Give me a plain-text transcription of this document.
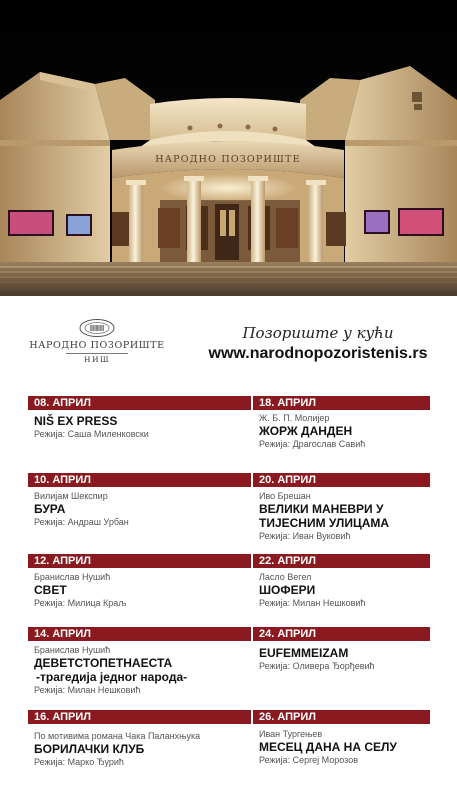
НАРОДНО ПОЗОРИШТЕ
НАРОДНО ПОЗОРИШТЕ
НИШ
Позориште у кући
www.narodnopozoristenis.rs
08. АПРИЛ	18. АПРИЛ
NIŠ EX PRESS
Режија: Саша Миленковски
Ж. Б. П. Молијер
ЖОРЖ ДАНДЕН
Режија: Драгослав Савић
10. АПРИЛ	20. АПРИЛ
Вилијам Шекспир
БУРА
Режија: Андраш Урбан
Иво Брешан
ВЕЛИКИ МАНЕВРИ У
ТИЈЕСНИМ УЛИЦАМА
Режија: Иван Вуковић
12. АПРИЛ	22. АПРИЛ
Бранислав Нушић
СВЕТ
Режија: Милица Краљ
Ласло Вегел
ШОФЕРИ
Режија: Милан Нешковић
14. АПРИЛ	24. АПРИЛ
Бранислав Нушић
ДЕВЕТСТОПЕТНАЕСТА
-трагедија једног народа-
Режија: Милан Нешковић
EUFEMMEIZAM
Режија: Оливера Ђорђевић
16. АПРИЛ	26. АПРИЛ
По мотивима романа Чака Паланхњука
БОРИЛАЧКИ КЛУБ
Режија: Марко Ђурић
Иван Тургењев
МЕСЕЦ ДАНА НА СЕЛУ
Режија: Сергеј Морозов
